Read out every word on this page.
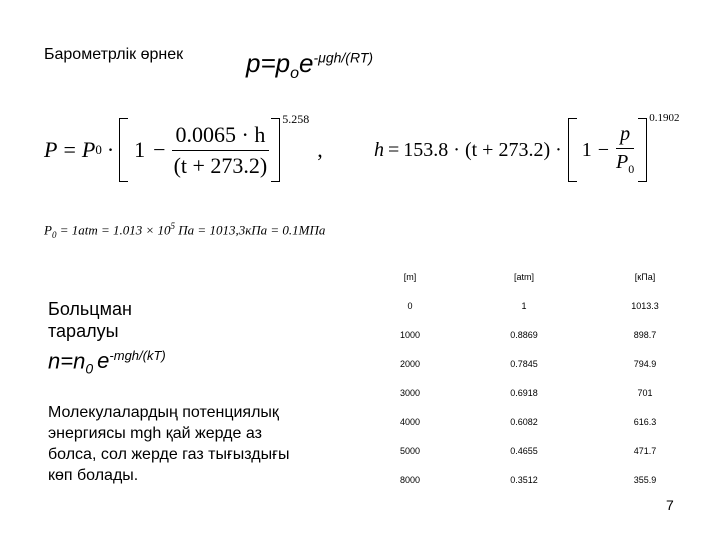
Барометрлік өрнек $p=p_oe^{-\mu gh/(RT)}$
P = P $0 \cdot 1 - \frac{0.0065 \cdot h}{(t + 273.2)}$
5.258
,	$h = 153.8 \cdot (t + 273.2) \cdot 1 - \frac{p}{P_0}$
0.1902
$P_0 = 1atm = 1.013 \times 10^5$ Па = 1013,3кПа = 0.1МПа
Больцман
таралуы
$n=n_0$ $e^{-mgh/(kT)}$
Молекулалардың потенциялық
энергиясы mgh қай жерде аз
болса, сол жерде газ тығыздығы
көп болады.
[m]	[atm]	[кПа]
0	1	1013.3
1000	0.8869	898.7
2000	0.7845	794.9
3000	0.6918	701
4000	0.6082	616.3
5000	0.4655	471.7
8000	0.3512	355.9
7
